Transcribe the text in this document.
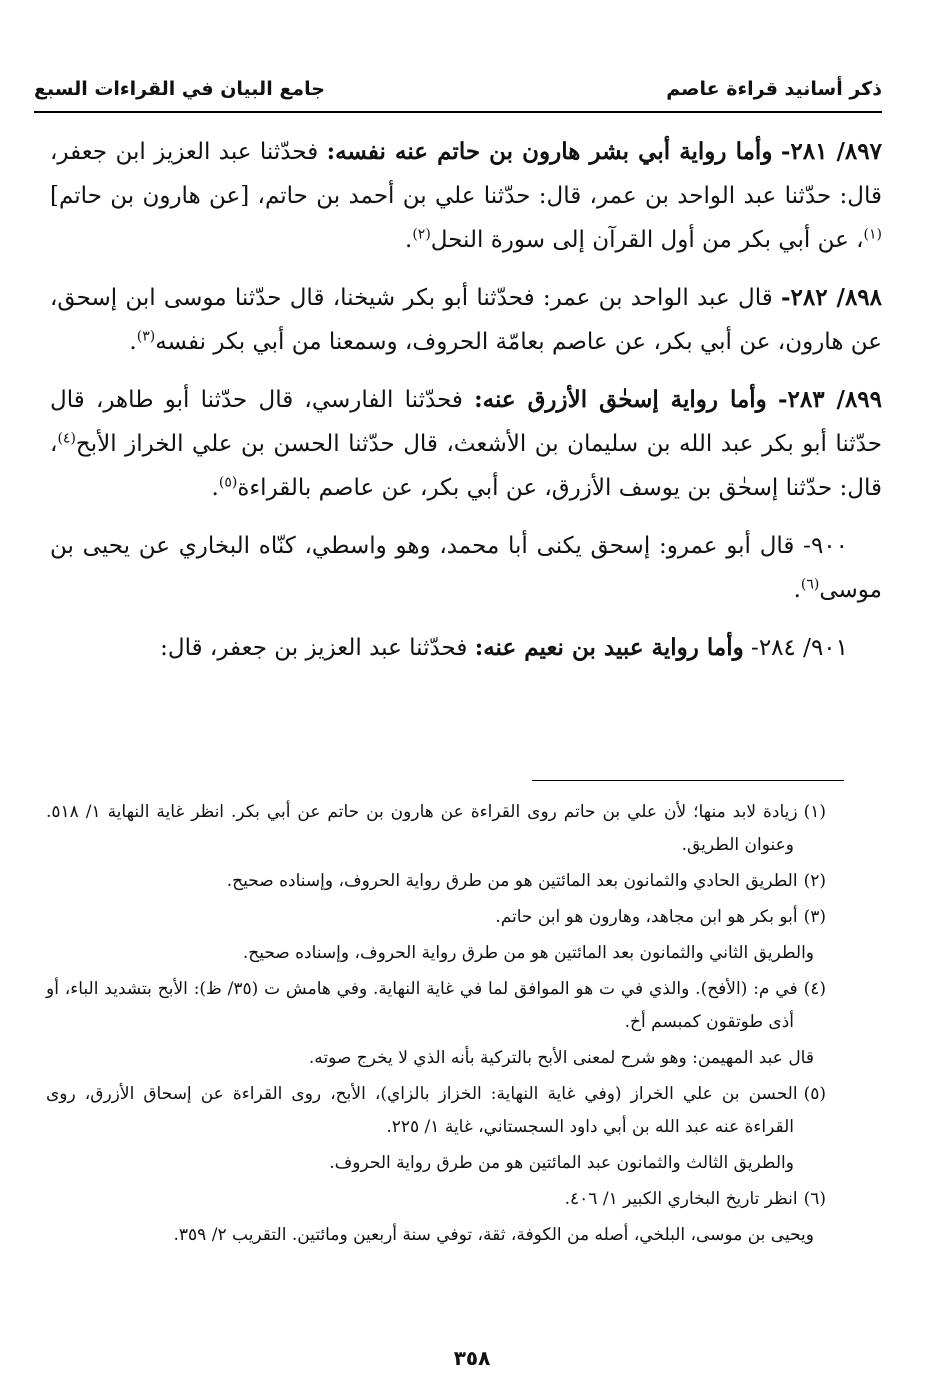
ذكر أسانيد قراءة عاصم
جامع البيان في القراءات السبع

٨٩٧/ ٢٨١- وأما رواية أبي بشر هارون بن حاتم عنه نفسه: فحدّثنا عبد العزيز ابن جعفر، قال: حدّثنا عبد الواحد بن عمر، قال: حدّثنا علي بن أحمد بن حاتم، [عن هارون بن حاتم]$^{(١)}$، عن أبي بكر من أول القرآن إلى سورة النحل$^{(٢)}$.

٨٩٨/ ٢٨٢- قال عبد الواحد بن عمر: فحدّثنا أبو بكر شيخنا، قال حدّثنا موسى ابن إسحق، عن هارون، عن أبي بكر، عن عاصم بعامّة الحروف، وسمعنا من أبي بكر نفسه$^{(٣)}$.

٨٩٩/ ٢٨٣- وأما رواية إسحٰق الأزرق عنه: فحدّثنا الفارسي، قال حدّثنا أبو طاهر، قال حدّثنا أبو بكر عبد الله بن سليمان بن الأشعث، قال حدّثنا الحسن بن علي الخراز الأبح$^{(٤)}$، قال: حدّثنا إسحٰق بن يوسف الأزرق، عن أبي بكر، عن عاصم بالقراءة$^{(٥)}$.

٩٠٠- قال أبو عمرو: إسحق يكنى أبا محمد، وهو واسطي، كنّاه البخاري عن يحيى بن موسى$^{(٦)}$.

٩٠١/ ٢٨٤- وأما رواية عبيد بن نعيم عنه: فحدّثنا عبد العزيز بن جعفر، قال:

(١)زيادة لابد منها؛ لأن علي بن حاتم روى القراءة عن هارون بن حاتم عن أبي بكر. انظر غاية النهاية ١/ ٥١٨. وعنوان الطريق.

(٢)الطريق الحادي والثمانون بعد المائتين هو من طرق رواية الحروف، وإسناده صحيح.

(٣)أبو بكر هو ابن مجاهد، وهارون هو ابن حاتم.

والطريق الثاني والثمانون بعد المائتين هو من طرق رواية الحروف، وإسناده صحيح.

(٤)في م: (الأفح). والذي في ت هو الموافق لما في غاية النهاية. وفي هامش ت (٣٥/ ظ): الأبح بتشديد الباء، أو أذى طوتقون كمبسم أخ.

قال عبد المهيمن: وهو شرح لمعنى الأبح بالتركية بأنه الذي لا يخرج صوته.

(٥)الحسن بن علي الخراز (وفي غاية النهاية: الخزاز بالزاي)، الأبح، روى القراءة عن إسحاق الأزرق، روى القراءة عنه عبد الله بن أبي داود السجستاني، غاية ١/ ٢٢٥.

والطريق الثالث والثمانون عبد المائتين هو من طرق رواية الحروف.

(٦)انظر تاريخ البخاري الكبير ١/ ٤٠٦.

ويحيى بن موسى، البلخي، أصله من الكوفة، ثقة، توفي سنة أربعين ومائتين. التقريب ٢/ ٣٥٩.

٣٥٨
